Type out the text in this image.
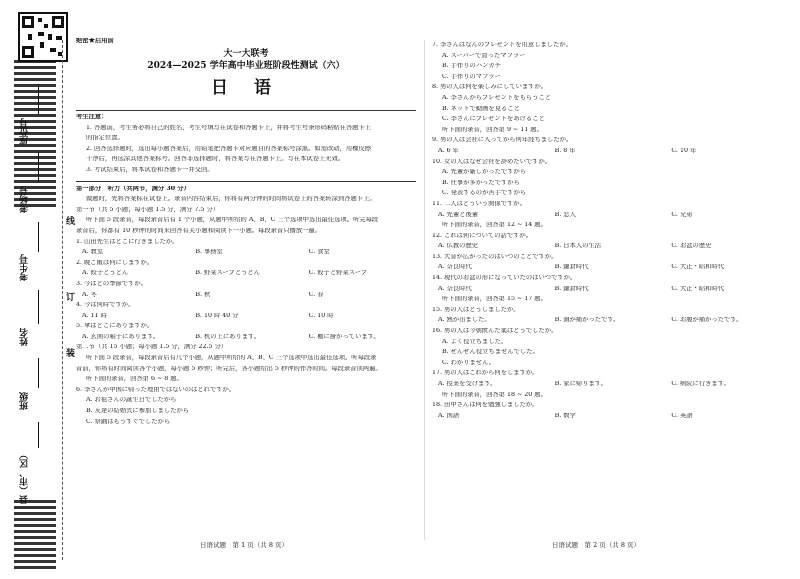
座位号
考场号
考生号
姓名
班级
县（市、区）
线
订
装
绝密★启用前
大一大联考
2024—2025 学年高中毕业班阶段性测试（六）
日 语
考生注意：
1. 答题前，考生务必将自己的姓名、考生号填写在试卷和答题卡上，并将考生号条形码粘贴在答题卡上
的指定位置。
2. 回答选择题时，选出每小题答案后，用铅笔把答题卡对应题目的答案标号涂黑。如需改动，用橡皮擦
干净后，再选涂其他答案标号。回答非选择题时，将答案写在答题卡上。写在本试卷上无效。
3. 考试结束后，将本试卷和答题卡一并交回。
第一部分　听力（共两节，满分 30 分）
做题时，先将答案标在试卷上。录音内容结束后，你将有两分钟的时间将试卷上的答案转涂到答题卡上。
第一节（共 5 小题；每小题 1.5 分，满分 7.5 分）
听下面 5 段录音，每段录音后有 1 个小题，从题中所给的 A、B、C 三个选项中选出最佳选项。听完每段
录音后，你都有 10 秒钟的时间来回答有关小题和阅读下一小题。每段录音只播放一遍。
1. 山田先生はどこに行きましたか。
A. 教室	B. 事務室	C. 食堂
2. 晩ご飯は何にしますか。
A. 餃子とうどん	B. 野菜スープとうどん	C. 餃子と野菜スープ
3. 今はどの季節ですか。
A. 冬	B. 秋	C. 春
4. 今は何時ですか。
A. 11 時	B. 10 時 40 分	C. 10 時
5. 傘はどこにありますか。
A. 玄関の箱子にあります。	B. 机の上にあります。	C. 棚に掛かっています。
第二节（共 15 小题；每小题 1.5 分，满分 22.5 分）
听下面 5 段录音，每段录音后有几个小题，从题中所给的 A、B、C 三个选项中选出最佳选项。听每段录
音前，你将有时间阅读各个小题，每小题 5 秒钟；听完后，各小题给出 5 秒钟的作答时间。每段录音读两遍。
听下面的录音，回答第 6 ~ 8 题。
6. 李さんが中国に帰った理由ではないのはどれですか。
A. お祖さんの誕生日でしたから
B. 友達の結婚式に参加しましたから
C. 祭踊はもうすぐでしたから
7. 李さんはなんのプレゼントを用意しましたか。
A. スーパーで買ったマフラー
B. 手作りのハンカチ
C. 手作りのマフラー
8. 男の人は何を楽しみにしていますか。
A. 李さんからプレゼントをもらうこと
B. ネットで動画を見ること
C. 李さんにプレゼントをあげること
听下面的录音，回答第 9 ~ 11 题。
9. 男の人は会社に入ってから何年経ちましたか。
A. 6 年	B. 8 年	C. 10 年
10. 女の人はなぜ会社を辞めたいですか。
A. 先輩が厳しかったですから
B. 仕事が多かったですから
C. 発表するのが苦手ですから
11. 二人はどういう関係ですか。
A. 先輩と後輩	B. 恋人	C. 兄弟
听下面的录音，回答第 12 ~ 14 题。
12. これは何についての話ですか。
A. 仏教の歴史	B. 日本人の生活	C. お盆の歴史
13. 大昔が広がったのはいつのことですか。
A. 奈良時代	B. 鎌倉時代	C. 大正・昭和時代
14. 現代のお盆の形になっていたのはいつですか。
A. 奈良時代	B. 鎌倉時代	C. 大正・昭和時代
听下面的录音，回答第 15 ~ 17 题。
15. 男の人はどうしましたか。
A. 熱が出ました。	B. 頭が痛かったです。	C. お腹が痛かったです。
16. 男の人は今朝飲んだ薬はどうでしたか。
A. よく役立ちました。
B. ぜんぜん役立ちませんでした。
C. わかりません。
17. 男の人はこれから何をしますか。
A. 授業を受けます。	B. 家に帰ります。	C. 病院に行きます。
听下面的录音，回答第 18 ~ 20 题。
18. 田中さんは何を勉強しましたか。
A. 国語	B. 数学	C. 英語
日语试题　第 1 页（共 8 页）	日语试题　第 2 页（共 8 页）
